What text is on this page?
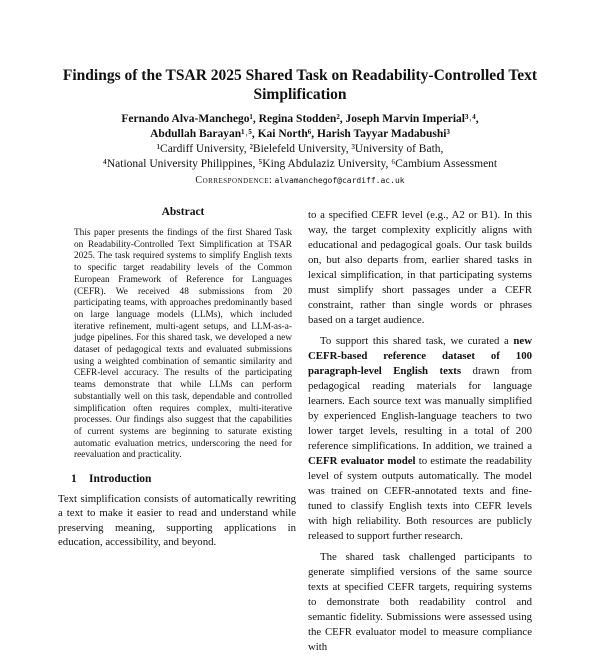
Findings of the TSAR 2025 Shared Task on Readability-Controlled Text
Simplification
Fernando Alva-Manchego¹, Regina Stodden², Joseph Marvin Imperial³˒⁴,
Abdullah Barayan¹˒⁵, Kai North⁶, Harish Tayyar Madabushi³
¹Cardiff University, ²Bielefeld University, ³University of Bath,
⁴National University Philippines, ⁵King Abdulaziz University, ⁶Cambium Assessment
Correspondence: alvamanchegof@cardiff.ac.uk
Abstract

This paper presents the findings of the first Shared Task on Readability-Controlled Text Simplification at TSAR 2025. The task required systems to simplify English texts to specific target readability levels of the Common European Framework of Reference for Languages (CEFR). We received 48 submissions from 20 participating teams, with approaches predominantly based on large language models (LLMs), which included iterative refinement, multi-agent setups, and LLM-as-a-judge pipelines. For this shared task, we developed a new dataset of pedagogical texts and evaluated submissions using a weighted combination of semantic similarity and CEFR-level accuracy. The results of the participating teams demonstrate that while LLMs can perform substantially well on this task, dependable and controlled simplification often requires complex, multi-iterative processes. Our findings also suggest that the capabilities of current systems are beginning to saturate existing automatic evaluation metrics, underscoring the need for reevaluation and practicality.

1 Introduction

Text simplification consists of automatically rewriting a text to make it easier to read and understand while preserving meaning, supporting applications in education, accessibility, and beyond.

to a specified CEFR level (e.g., A2 or B1). In this way, the target complexity explicitly aligns with educational and pedagogical goals. Our task builds on, but also departs from, earlier shared tasks in lexical simplification, in that participating systems must simplify short passages under a CEFR constraint, rather than single words or phrases based on a target audience.

To support this shared task, we curated a new CEFR-based reference dataset of 100 paragraph-level English texts drawn from pedagogical reading materials for language learners. Each source text was manually simplified by experienced English-language teachers to two lower target levels, resulting in a total of 200 reference simplifications. In addition, we trained a CEFR evaluator model to estimate the readability level of system outputs automatically. The model was trained on CEFR-annotated texts and fine-tuned to classify English texts into CEFR levels with high reliability. Both resources are publicly released to support further research.

The shared task challenged participants to generate simplified versions of the same source texts at specified CEFR targets, requiring systems to demonstrate both readability control and semantic fidelity. Submissions were assessed using the CEFR evaluator model to measure compliance with
